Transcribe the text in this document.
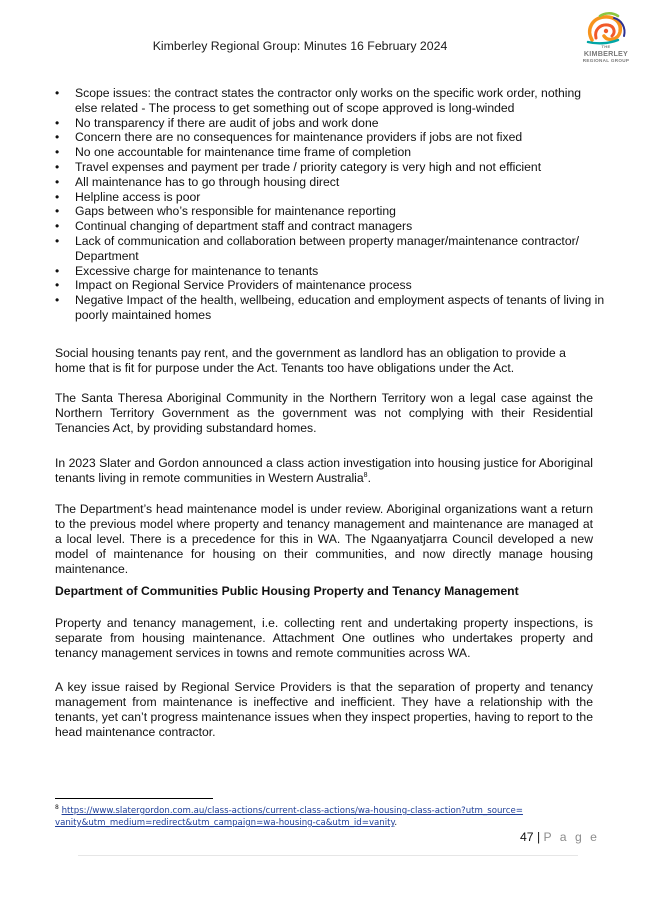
Kimberley Regional Group: Minutes 16 February 2024	THE
KIMBERLEY
REGIONAL GROUP
• Scope issues: the contract states the contractor only works on the specific work order, nothing else related - The process to get something out of scope approved is long-winded
• No transparency if there are audit of jobs and work done
• Concern there are no consequences for maintenance providers if jobs are not fixed
• No one accountable for maintenance time frame of completion
• Travel expenses and payment per trade / priority category is very high and not efficient
• All maintenance has to go through housing direct
• Helpline access is poor
• Gaps between who’s responsible for maintenance reporting
• Continual changing of department staff and contract managers
• Lack of communication and collaboration between property manager/maintenance contractor/ Department
• Excessive charge for maintenance to tenants
• Impact on Regional Service Providers of maintenance process
• Negative Impact of the health, wellbeing, education and employment aspects of tenants of living in poorly maintained homes

Social housing tenants pay rent, and the government as landlord has an obligation to provide a home that is fit for purpose under the Act. Tenants too have obligations under the Act.

The Santa Theresa Aboriginal Community in the Northern Territory won a legal case against the Northern Territory Government as the government was not complying with their Residential Tenancies Act, by providing substandard homes.

In 2023 Slater and Gordon announced a class action investigation into housing justice for Aboriginal tenants living in remote communities in Western Australia$^8$.

The Department’s head maintenance model is under review. Aboriginal organizations want a return to the previous model where property and tenancy management and maintenance are managed at a local level. There is a precedence for this in WA. The Ngaanyatjarra Council developed a new model of maintenance for housing on their communities, and now directly manage housing maintenance.

Department of Communities Public Housing Property and Tenancy Management

Property and tenancy management, i.e. collecting rent and undertaking property inspections, is separate from housing maintenance. Attachment One outlines who undertakes property and tenancy management services in towns and remote communities across WA.

A key issue raised by Regional Service Providers is that the separation of property and tenancy management from maintenance is ineffective and inefficient. They have a relationship with the tenants, yet can’t progress maintenance issues when they inspect properties, having to report to the head maintenance contractor.

$^8$ https://www.slatergordon.com.au/class-actions/current-class-actions/wa-housing-class-action?utm_source=vanity&utm_medium=redirect&utm_campaign=wa-housing-ca&utm_id=vanity.
47 | P a g e
